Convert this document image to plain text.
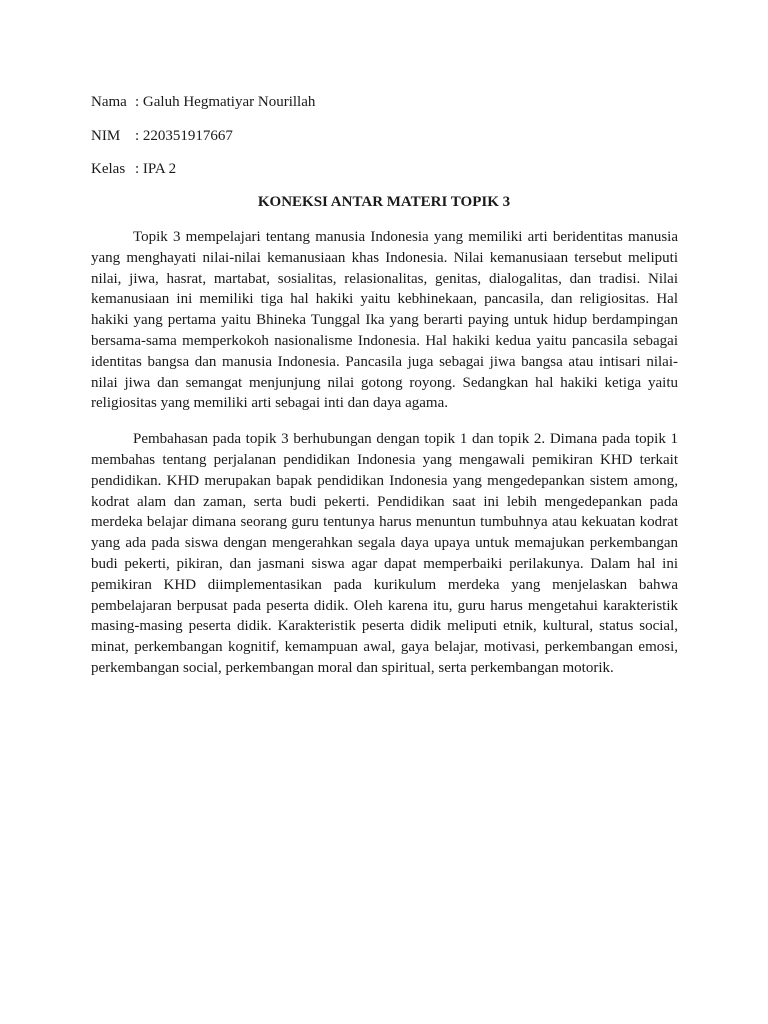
Nama : Galuh Hegmatiyar Nourillah
NIM : 220351917667
Kelas : IPA 2
KONEKSI ANTAR MATERI TOPIK 3

Topik 3 mempelajari tentang manusia Indonesia yang memiliki arti beridentitas manusia yang menghayati nilai-nilai kemanusiaan khas Indonesia. Nilai kemanusiaan tersebut meliputi nilai, jiwa, hasrat, martabat, sosialitas, relasionalitas, genitas, dialogalitas, dan tradisi. Nilai kemanusiaan ini memiliki tiga hal hakiki yaitu kebhinekaan, pancasila, dan religiositas. Hal hakiki yang pertama yaitu Bhineka Tunggal Ika yang berarti paying untuk hidup berdampingan bersama-sama memperkokoh nasionalisme Indonesia. Hal hakiki kedua yaitu pancasila sebagai identitas bangsa dan manusia Indonesia. Pancasila juga sebagai jiwa bangsa atau intisari nilai-nilai jiwa dan semangat menjunjung nilai gotong royong. Sedangkan hal hakiki ketiga yaitu religiositas yang memiliki arti sebagai inti dan daya agama.

Pembahasan pada topik 3 berhubungan dengan topik 1 dan topik 2. Dimana pada topik 1 membahas tentang perjalanan pendidikan Indonesia yang mengawali pemikiran KHD terkait pendidikan. KHD merupakan bapak pendidikan Indonesia yang mengedepankan sistem among, kodrat alam dan zaman, serta budi pekerti. Pendidikan saat ini lebih mengedepankan pada merdeka belajar dimana seorang guru tentunya harus menuntun tumbuhnya atau kekuatan kodrat yang ada pada siswa dengan mengerahkan segala daya upaya untuk memajukan perkembangan budi pekerti, pikiran, dan jasmani siswa agar dapat memperbaiki perilakunya. Dalam hal ini pemikiran KHD diimplementasikan pada kurikulum merdeka yang menjelaskan bahwa pembelajaran berpusat pada peserta didik. Oleh karena itu, guru harus mengetahui karakteristik masing-masing peserta didik. Karakteristik peserta didik meliputi etnik, kultural, status social, minat, perkembangan kognitif, kemampuan awal, gaya belajar, motivasi, perkembangan emosi, perkembangan social, perkembangan moral dan spiritual, serta perkembangan motorik.
